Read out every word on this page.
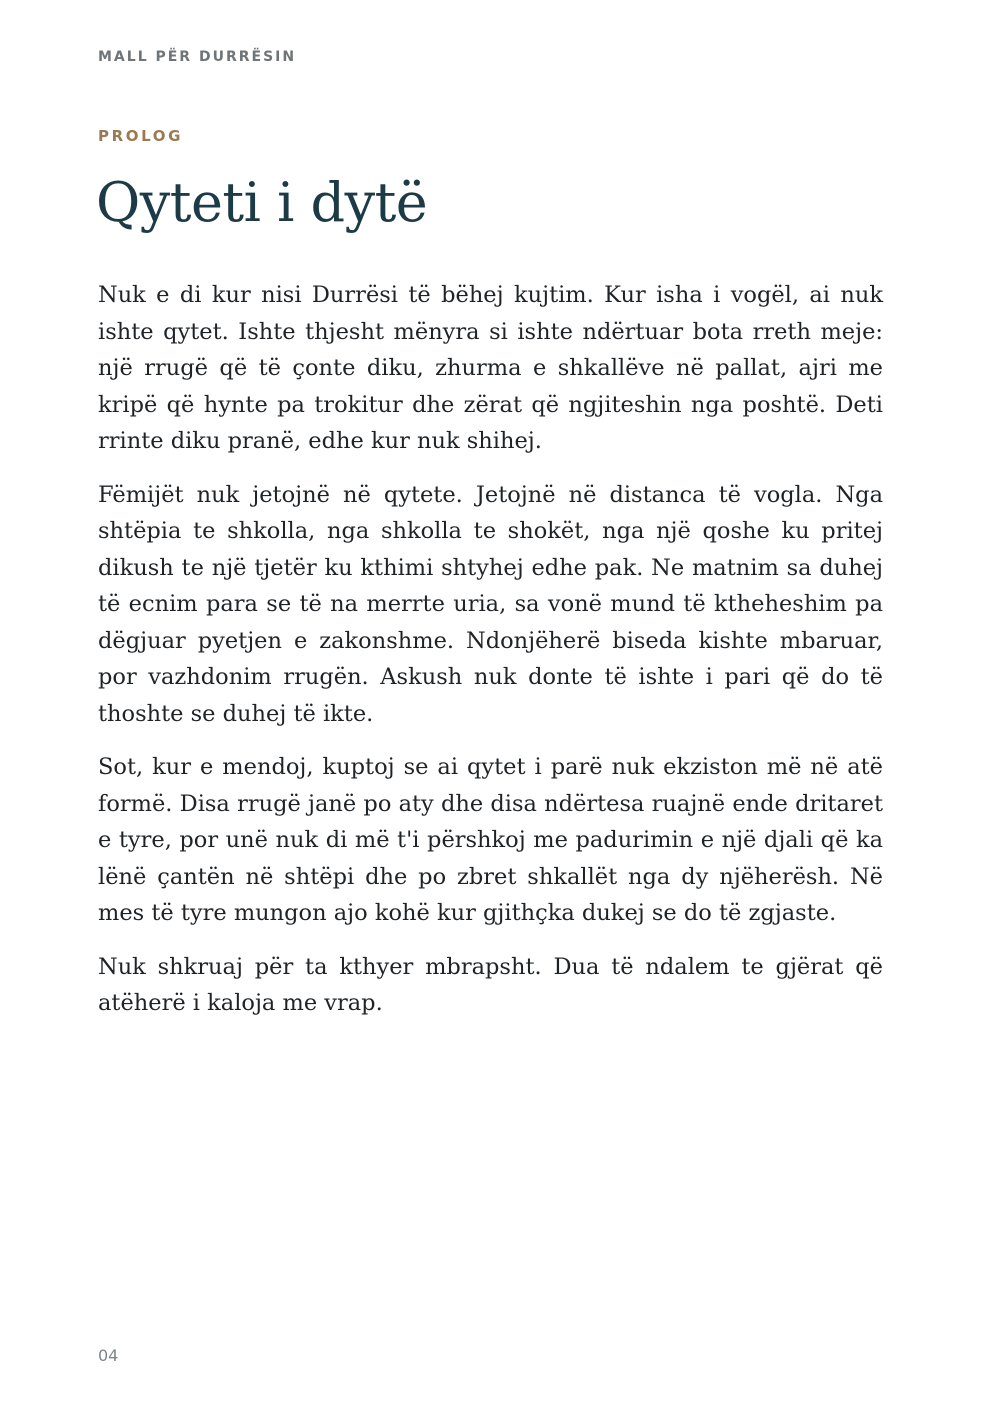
MALL PËR DURRËSIN

PROLOG

Qyteti i dytë

Nuk e di kur nisi Durrësi të bëhej kujtim. Kur isha i vogël, ai nuk ishte qytet. Ishte thjesht mënyra si ishte ndërtuar bota rreth meje: një rrugë që të çonte diku, zhurma e shkallëve në pallat, ajri me kripë që hynte pa trokitur dhe zërat që ngjiteshin nga poshtë. Deti rrinte diku pranë, edhe kur nuk shihej.

Fëmijët nuk jetojnë në qytete. Jetojnë në distanca të vogla. Nga shtëpia te shkolla, nga shkolla te shokët, nga një qoshe ku pritej dikush te një tjetër ku kthimi shtyhej edhe pak. Ne matnim sa duhej të ecnim para se të na merrte uria, sa vonë mund të ktheheshim pa dëgjuar pyetjen e zakonshme. Ndonjëherë biseda kishte mbaruar, por vazhdonim rrugën. Askush nuk donte të ishte i pari që do të thoshte se duhej të ikte.

Sot, kur e mendoj, kuptoj se ai qytet i parë nuk ekziston më në atë formë. Disa rrugë janë po aty dhe disa ndërtesa ruajnë ende dritaret e tyre, por unë nuk di më t'i përshkoj me padurimin e një djali që ka lënë çantën në shtëpi dhe po zbret shkallët nga dy njëherësh. Në mes të tyre mungon ajo kohë kur gjithçka dukej se do të zgjaste.

Nuk shkruaj për ta kthyer mbrapsht. Dua të ndalem te gjërat që atëherë i kaloja me vrap.

04
